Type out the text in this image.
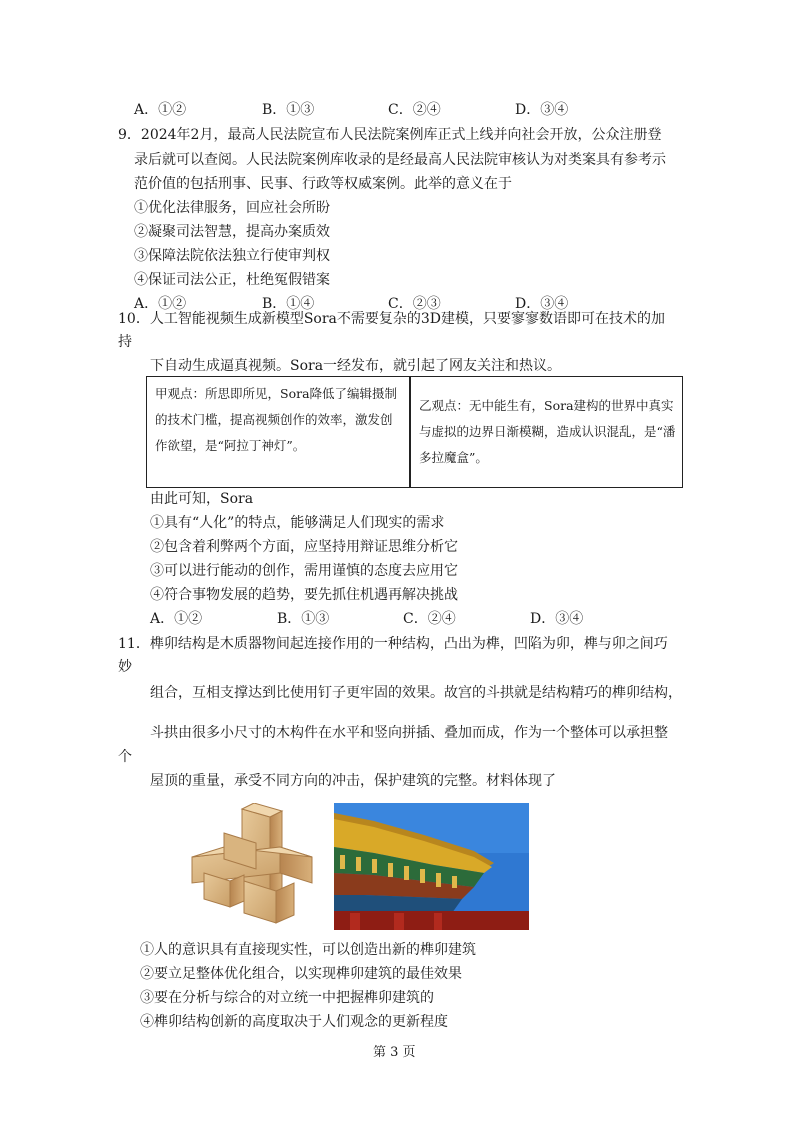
A．①②	B．①③	C．②④	D．③④
9．2024年2月，最高人民法院宣布人民法院案例库正式上线并向社会开放，公众注册登
录后就可以查阅。人民法院案例库收录的是经最高人民法院审核认为对类案具有参考示
范价值的包括刑事、民事、行政等权威案例。此举的意义在于
①优化法律服务，回应社会所盼
②凝聚司法智慧，提高办案质效
③保障法院依法独立行使审判权
④保证司法公正，杜绝冤假错案
A．①②	B．①④	C．②③	D．③④
10．人工智能视频生成新模型Sora不需要复杂的3D建模，只要寥寥数语即可在技术的加
持
下自动生成逼真视频。Sora一经发布，就引起了网友关注和热议。
甲观点：所思即所见，Sora降低了编辑摄制的技术门槛，提高视频创作的效率，激发创作欲望，是“阿拉丁神灯”。
乙观点：无中能生有，Sora建构的世界中真实与虚拟的边界日渐模糊，造成认识混乱，是“潘多拉魔盒”。
由此可知，Sora
①具有“人化”的特点，能够满足人们现实的需求
②包含着利弊两个方面，应坚持用辩证思维分析它
③可以进行能动的创作，需用谨慎的态度去应用它
④符合事物发展的趋势，要先抓住机遇再解决挑战
A．①②	B．①③	C．②④	D．③④
11．榫卯结构是木质器物间起连接作用的一种结构，凸出为榫，凹陷为卯，榫与卯之间巧
妙
组合，互相支撑达到比使用钉子更牢固的效果。故宫的斗拱就是结构精巧的榫卯结构，
斗拱由很多小尺寸的木构件在水平和竖向拼插、叠加而成，作为一个整体可以承担整
个
屋顶的重量，承受不同方向的冲击，保护建筑的完整。材料体现了
①人的意识具有直接现实性，可以创造出新的榫卯建筑
②要立足整体优化组合，以实现榫卯建筑的最佳效果
③要在分析与综合的对立统一中把握榫卯建筑的
④榫卯结构创新的高度取决于人们观念的更新程度
第 3 页
